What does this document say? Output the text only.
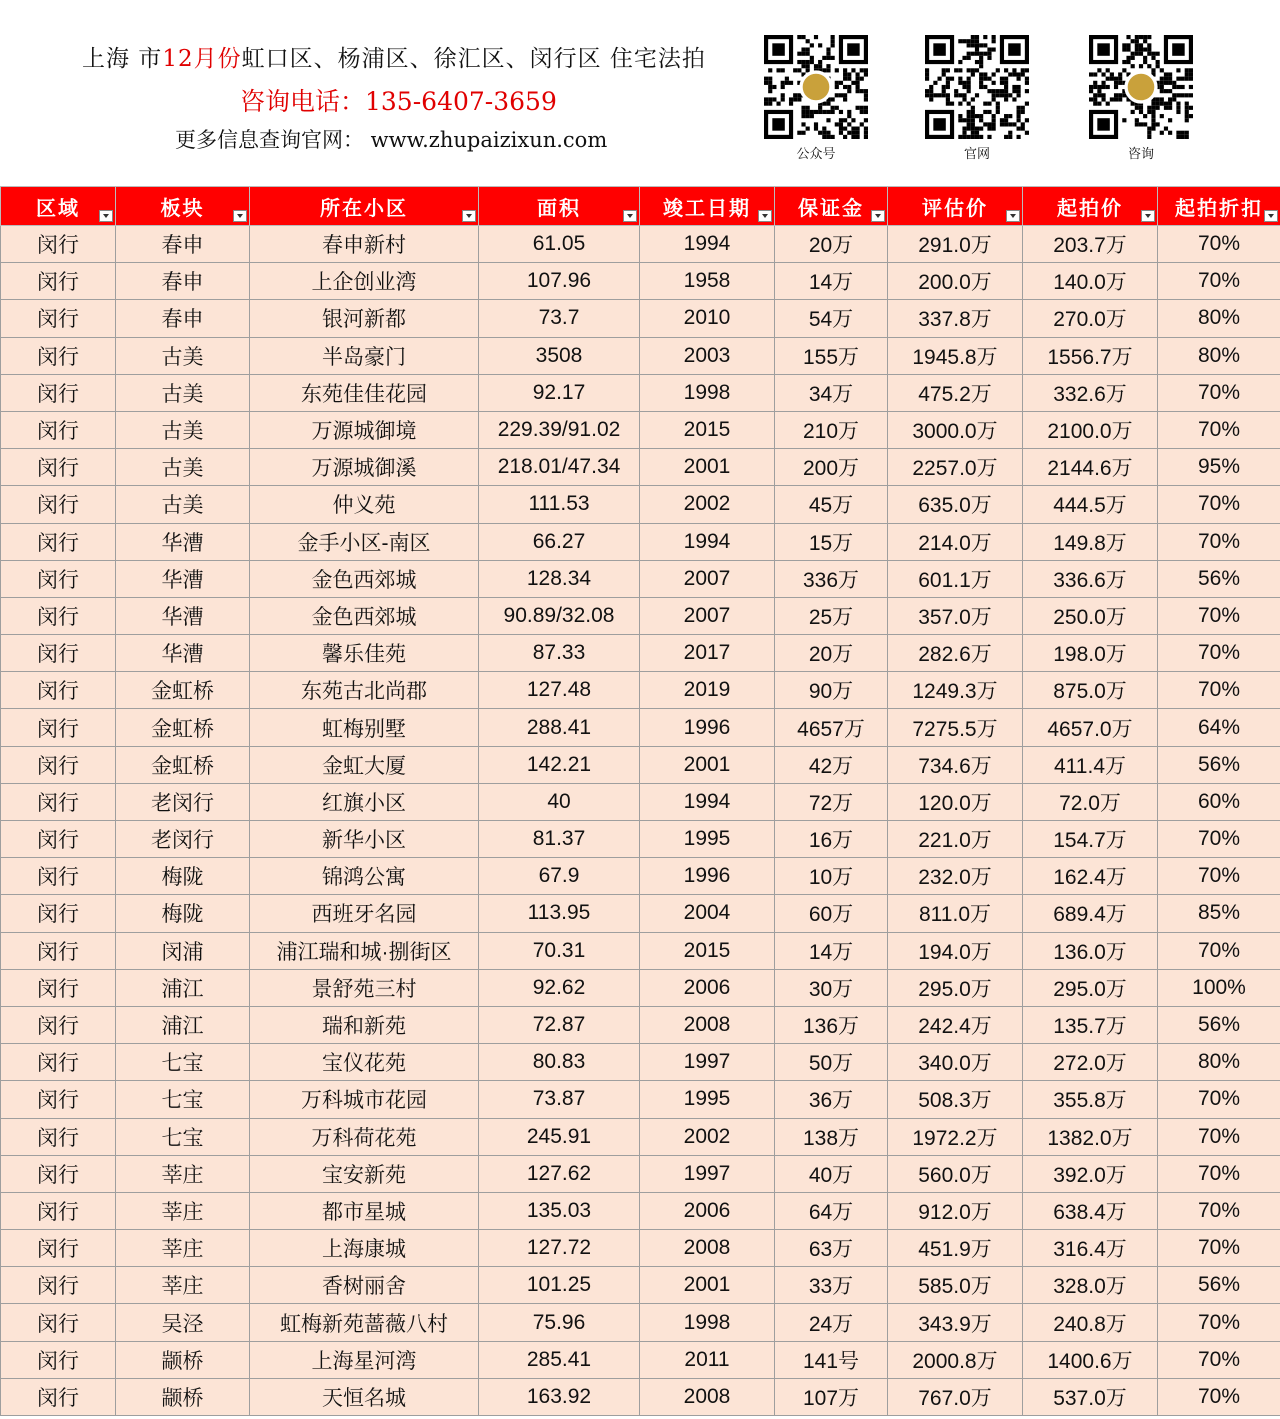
上海 市12月份虹口区、杨浦区、徐汇区、闵行区 住宅法拍
咨询电话：135-6407-3659
更多信息查询官网： www.zhupaizixun.com
公众号	官网	咨询
区域	板块	所在小区	面积	竣工日期	保证金	评估价	起拍价	起拍折扣

闵行	春申	春申新村	61.05	1994	20万	291.0万	203.7万	70%
闵行	春申	上企创业湾	107.96	1958	14万	200.0万	140.0万	70%
闵行	春申	银河新都	73.7	2010	54万	337.8万	270.0万	80%
闵行	古美	半岛豪门	3508	2003	155万	1945.8万	1556.7万	80%
闵行	古美	东苑佳佳花园	92.17	1998	34万	475.2万	332.6万	70%
闵行	古美	万源城御境	229.39/91.02	2015	210万	3000.0万	2100.0万	70%
闵行	古美	万源城御溪	218.01/47.34	2001	200万	2257.0万	2144.6万	95%
闵行	古美	仲义苑	111.53	2002	45万	635.0万	444.5万	70%
闵行	华漕	金手小区-南区	66.27	1994	15万	214.0万	149.8万	70%
闵行	华漕	金色西郊城	128.34	2007	336万	601.1万	336.6万	56%
闵行	华漕	金色西郊城	90.89/32.08	2007	25万	357.0万	250.0万	70%
闵行	华漕	馨乐佳苑	87.33	2017	20万	282.6万	198.0万	70%
闵行	金虹桥	东苑古北尚郡	127.48	2019	90万	1249.3万	875.0万	70%
闵行	金虹桥	虹梅别墅	288.41	1996	4657万	7275.5万	4657.0万	64%
闵行	金虹桥	金虹大厦	142.21	2001	42万	734.6万	411.4万	56%
闵行	老闵行	红旗小区	40	1994	72万	120.0万	72.0万	60%
闵行	老闵行	新华小区	81.37	1995	16万	221.0万	154.7万	70%
闵行	梅陇	锦鸿公寓	67.9	1996	10万	232.0万	162.4万	70%
闵行	梅陇	西班牙名园	113.95	2004	60万	811.0万	689.4万	85%
闵行	闵浦	浦江瑞和城·捌街区	70.31	2015	14万	194.0万	136.0万	70%
闵行	浦江	景舒苑三村	92.62	2006	30万	295.0万	295.0万	100%
闵行	浦江	瑞和新苑	72.87	2008	136万	242.4万	135.7万	56%
闵行	七宝	宝仪花苑	80.83	1997	50万	340.0万	272.0万	80%
闵行	七宝	万科城市花园	73.87	1995	36万	508.3万	355.8万	70%
闵行	七宝	万科荷花苑	245.91	2002	138万	1972.2万	1382.0万	70%
闵行	莘庄	宝安新苑	127.62	1997	40万	560.0万	392.0万	70%
闵行	莘庄	都市星城	135.03	2006	64万	912.0万	638.4万	70%
闵行	莘庄	上海康城	127.72	2008	63万	451.9万	316.4万	70%
闵行	莘庄	香树丽舍	101.25	2001	33万	585.0万	328.0万	56%
闵行	吴泾	虹梅新苑蔷薇八村	75.96	1998	24万	343.9万	240.8万	70%
闵行	颛桥	上海星河湾	285.41	2011	141号	2000.8万	1400.6万	70%
闵行	颛桥	天恒名城	163.92	2008	107万	767.0万	537.0万	70%
